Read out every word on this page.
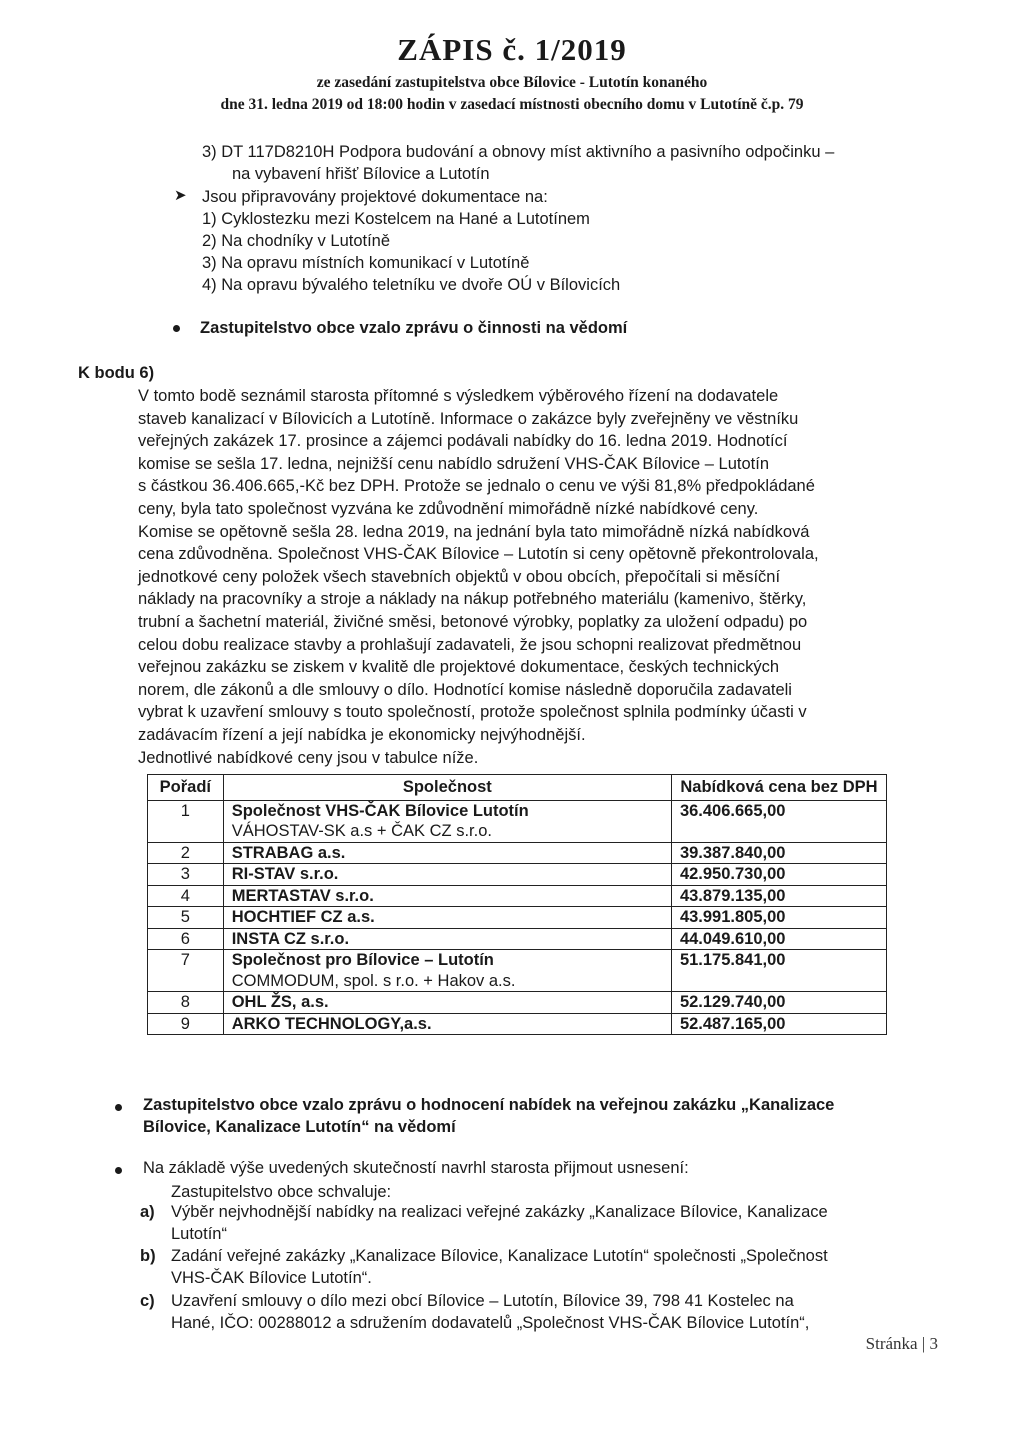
ZÁPIS č. 1/2019
ze zasedání zastupitelstva obce Bílovice - Lutotín konaného
dne 31. ledna 2019 od 18:00 hodin v zasedací místnosti obecního domu v Lutotíně č.p. 79
3) DT 117D8210H Podpora budování a obnovy míst aktivního a pasivního odpočinku –
na vybavení hřišť Bílovice a Lutotín
➤ Jsou připravovány projektové dokumentace na:
1) Cyklostezku mezi Kostelcem na Hané a Lutotínem
2) Na chodníky v Lutotíně
3) Na opravu místních komunikací v Lutotíně
4) Na opravu bývalého teletníku ve dvoře OÚ v Bílovicích
Zastupitelstvo obce vzalo zprávu o činnosti na vědomí
K bodu 6)
V tomto bodě seznámil starosta přítomné s výsledkem výběrového řízení na dodavatele
staveb kanalizací v Bílovicích a Lutotíně. Informace o zakázce byly zveřejněny ve věstníku
veřejných zakázek 17. prosince a zájemci podávali nabídky do 16. ledna 2019. Hodnotící
komise se sešla 17. ledna, nejnižší cenu nabídlo sdružení VHS-ČAK Bílovice – Lutotín
s částkou 36.406.665,-Kč bez DPH. Protože se jednalo o cenu ve výši 81,8% předpokládané
ceny, byla tato společnost vyzvána ke zdůvodnění mimořádně nízké nabídkové ceny.
Komise se opětovně sešla 28. ledna 2019, na jednání byla tato mimořádně nízká nabídková
cena zdůvodněna. Společnost VHS-ČAK Bílovice – Lutotín si ceny opětovně překontrolovala,
jednotkové ceny položek všech stavebních objektů v obou obcích, přepočítali si měsíční
náklady na pracovníky a stroje a náklady na nákup potřebného materiálu (kamenivo, štěrky,
trubní a šachetní materiál, živičné směsi, betonové výrobky, poplatky za uložení odpadu) po
celou dobu realizace stavby a prohlašují zadavateli, že jsou schopni realizovat předmětnou
veřejnou zakázku se ziskem v kvalitě dle projektové dokumentace, českých technických
norem, dle zákonů a dle smlouvy o dílo. Hodnotící komise následně doporučila zadavateli
vybrat k uzavření smlouvy s touto společností, protože společnost splnila podmínky účasti v
zadávacím řízení a její nabídka je ekonomicky nejvýhodnější.
Jednotlivé nabídkové ceny jsou v tabulce níže.
Pořadí	Společnost	Nabídková cena bez DPH
1	Společnost VHS-ČAK Bílovice Lutotín
VÁHOSTAV-SK a.s + ČAK CZ s.r.o.	36.406.665,00
2	STRABAG a.s.	39.387.840,00
3	RI-STAV s.r.o.	42.950.730,00
4	MERTASTAV s.r.o.	43.879.135,00
5	HOCHTIEF CZ a.s.	43.991.805,00
6	INSTA CZ s.r.o.	44.049.610,00
7	Společnost pro Bílovice – Lutotín
COMMODUM, spol. s r.o. + Hakov a.s.	51.175.841,00
8	OHL ŽS, a.s.	52.129.740,00
9	ARKO TECHNOLOGY,a.s.	52.487.165,00
Zastupitelstvo obce vzalo zprávu o hodnocení nabídek na veřejnou zakázku „Kanalizace
Bílovice, Kanalizace Lutotín“ na vědomí
Na základě výše uvedených skutečností navrhl starosta přijmout usnesení:
Zastupitelstvo obce schvaluje:
a) Výběr nejvhodnější nabídky na realizaci veřejné zakázky „Kanalizace Bílovice, Kanalizace
Lutotín“
b) Zadání veřejné zakázky „Kanalizace Bílovice, Kanalizace Lutotín“ společnosti „Společnost
VHS-ČAK Bílovice Lutotín“.
c) Uzavření smlouvy o dílo mezi obcí Bílovice – Lutotín, Bílovice 39, 798 41 Kostelec na
Hané, IČO: 00288012 a sdružením dodavatelů „Společnost VHS-ČAK Bílovice Lutotín“,
Stránka | 3
